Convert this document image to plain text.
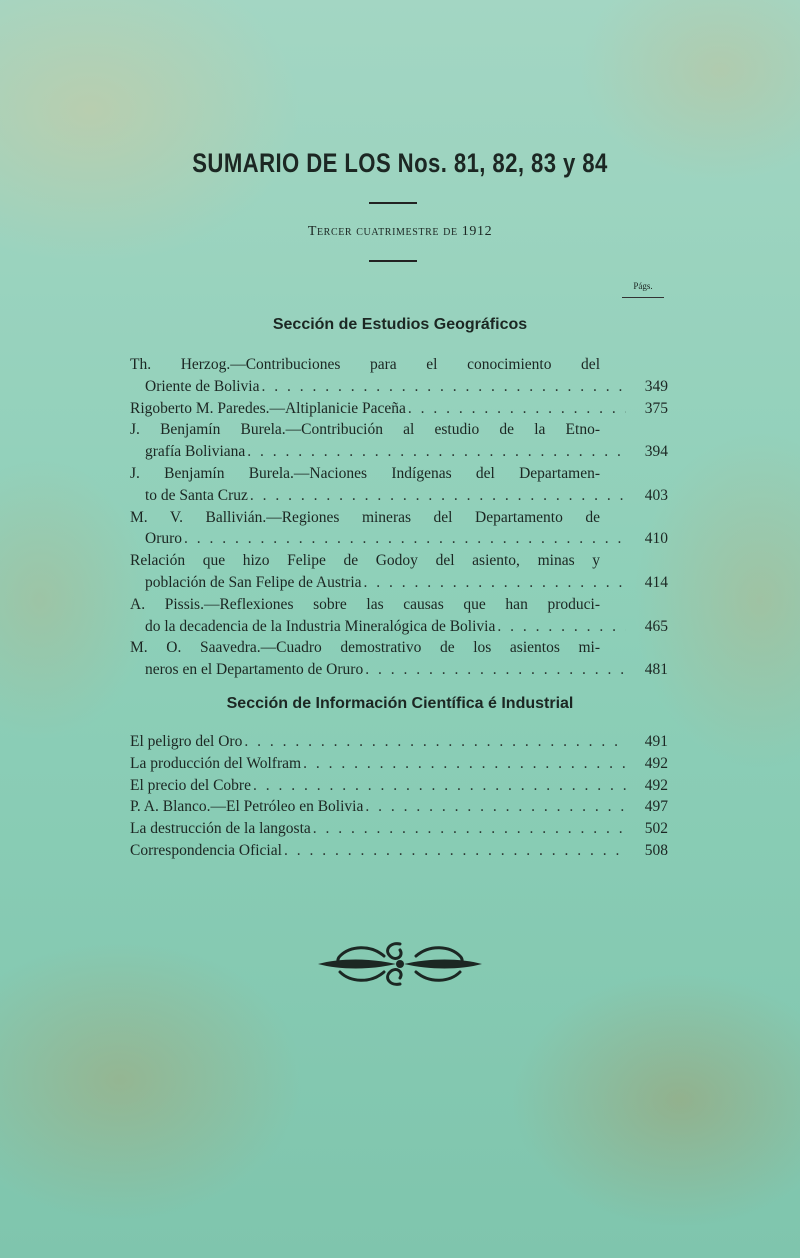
SUMARIO DE LOS Nos. 81, 82, 83 y 84
Tercer cuatrimestre de 1912
Págs.
Sección de Estudios Geográficos
Th. Herzog.—Contribuciones para el conocimiento del
Oriente de Bolivia . . .	349
Rigoberto M. Paredes.—Altiplanicie Paceña . . .	375
J. Benjamín Burela.—Contribución al estudio de la Etno-
grafía Boliviana . . .	394
J. Benjamín Burela.—Naciones Indígenas del Departamen-
to de Santa Cruz . . .	403
M. V. Ballivián.—Regiones mineras del Departamento de
Oruro . . .	410
Relación que hizo Felipe de Godoy del asiento, minas y
población de San Felipe de Austria . . .	414
A. Pissis.—Reflexiones sobre las causas que han produci-
do la decadencia de la Industria Mineralógica de Bolivia . . .	465
M. O. Saavedra.—Cuadro demostrativo de los asientos mi-
neros en el Departamento de Oruro . . .	481
Sección de Información Científica é Industrial
El peligro del Oro . . .	491
La producción del Wolfram . . .	492
El precio del Cobre . . .	492
P. A. Blanco.—El Petróleo en Bolivia . . .	497
La destrucción de la langosta . . .	502
Correspondencia Oficial . . .	508
